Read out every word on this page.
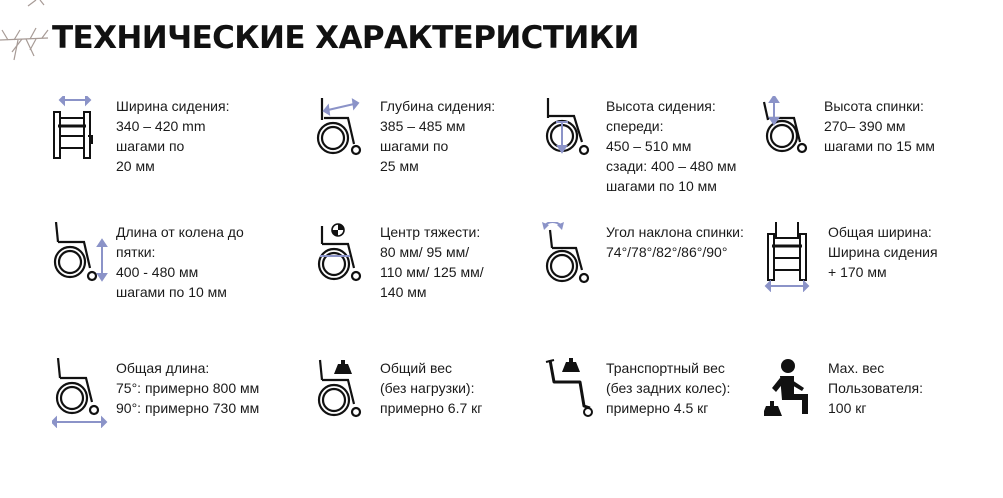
ТЕХНИЧЕСКИЕ ХАРАКТЕРИСТИКИ
Ширина сидения:
340 – 420 mm
шагами по
20 мм
Глубина сидения:
385 – 485 мм
шагами по
25 мм
Высота сидения:
спереди:
450 – 510 мм
сзади: 400 – 480 мм
шагами по 10 мм
Высота спинки:
270– 390 мм
шагами по 15 мм
Длина от колена до
пятки:
400 - 480 мм
шагами по 10 мм
Центр тяжести:
80 мм/ 95 мм/
110 мм/ 125 мм/
140 мм
Угол наклона спинки:
74°/78°/82°/86°/90°
Общая ширина:
Ширина сидения
+ 170 мм
Общая длина:
75°: примерно 800 мм
90°: примерно 730 мм
Общий вес
(без нагрузки):
примерно 6.7 кг
Транспортный вес
(без задних колес):
примерно 4.5 кг
Max. вес
Пользователя:
100 кг
